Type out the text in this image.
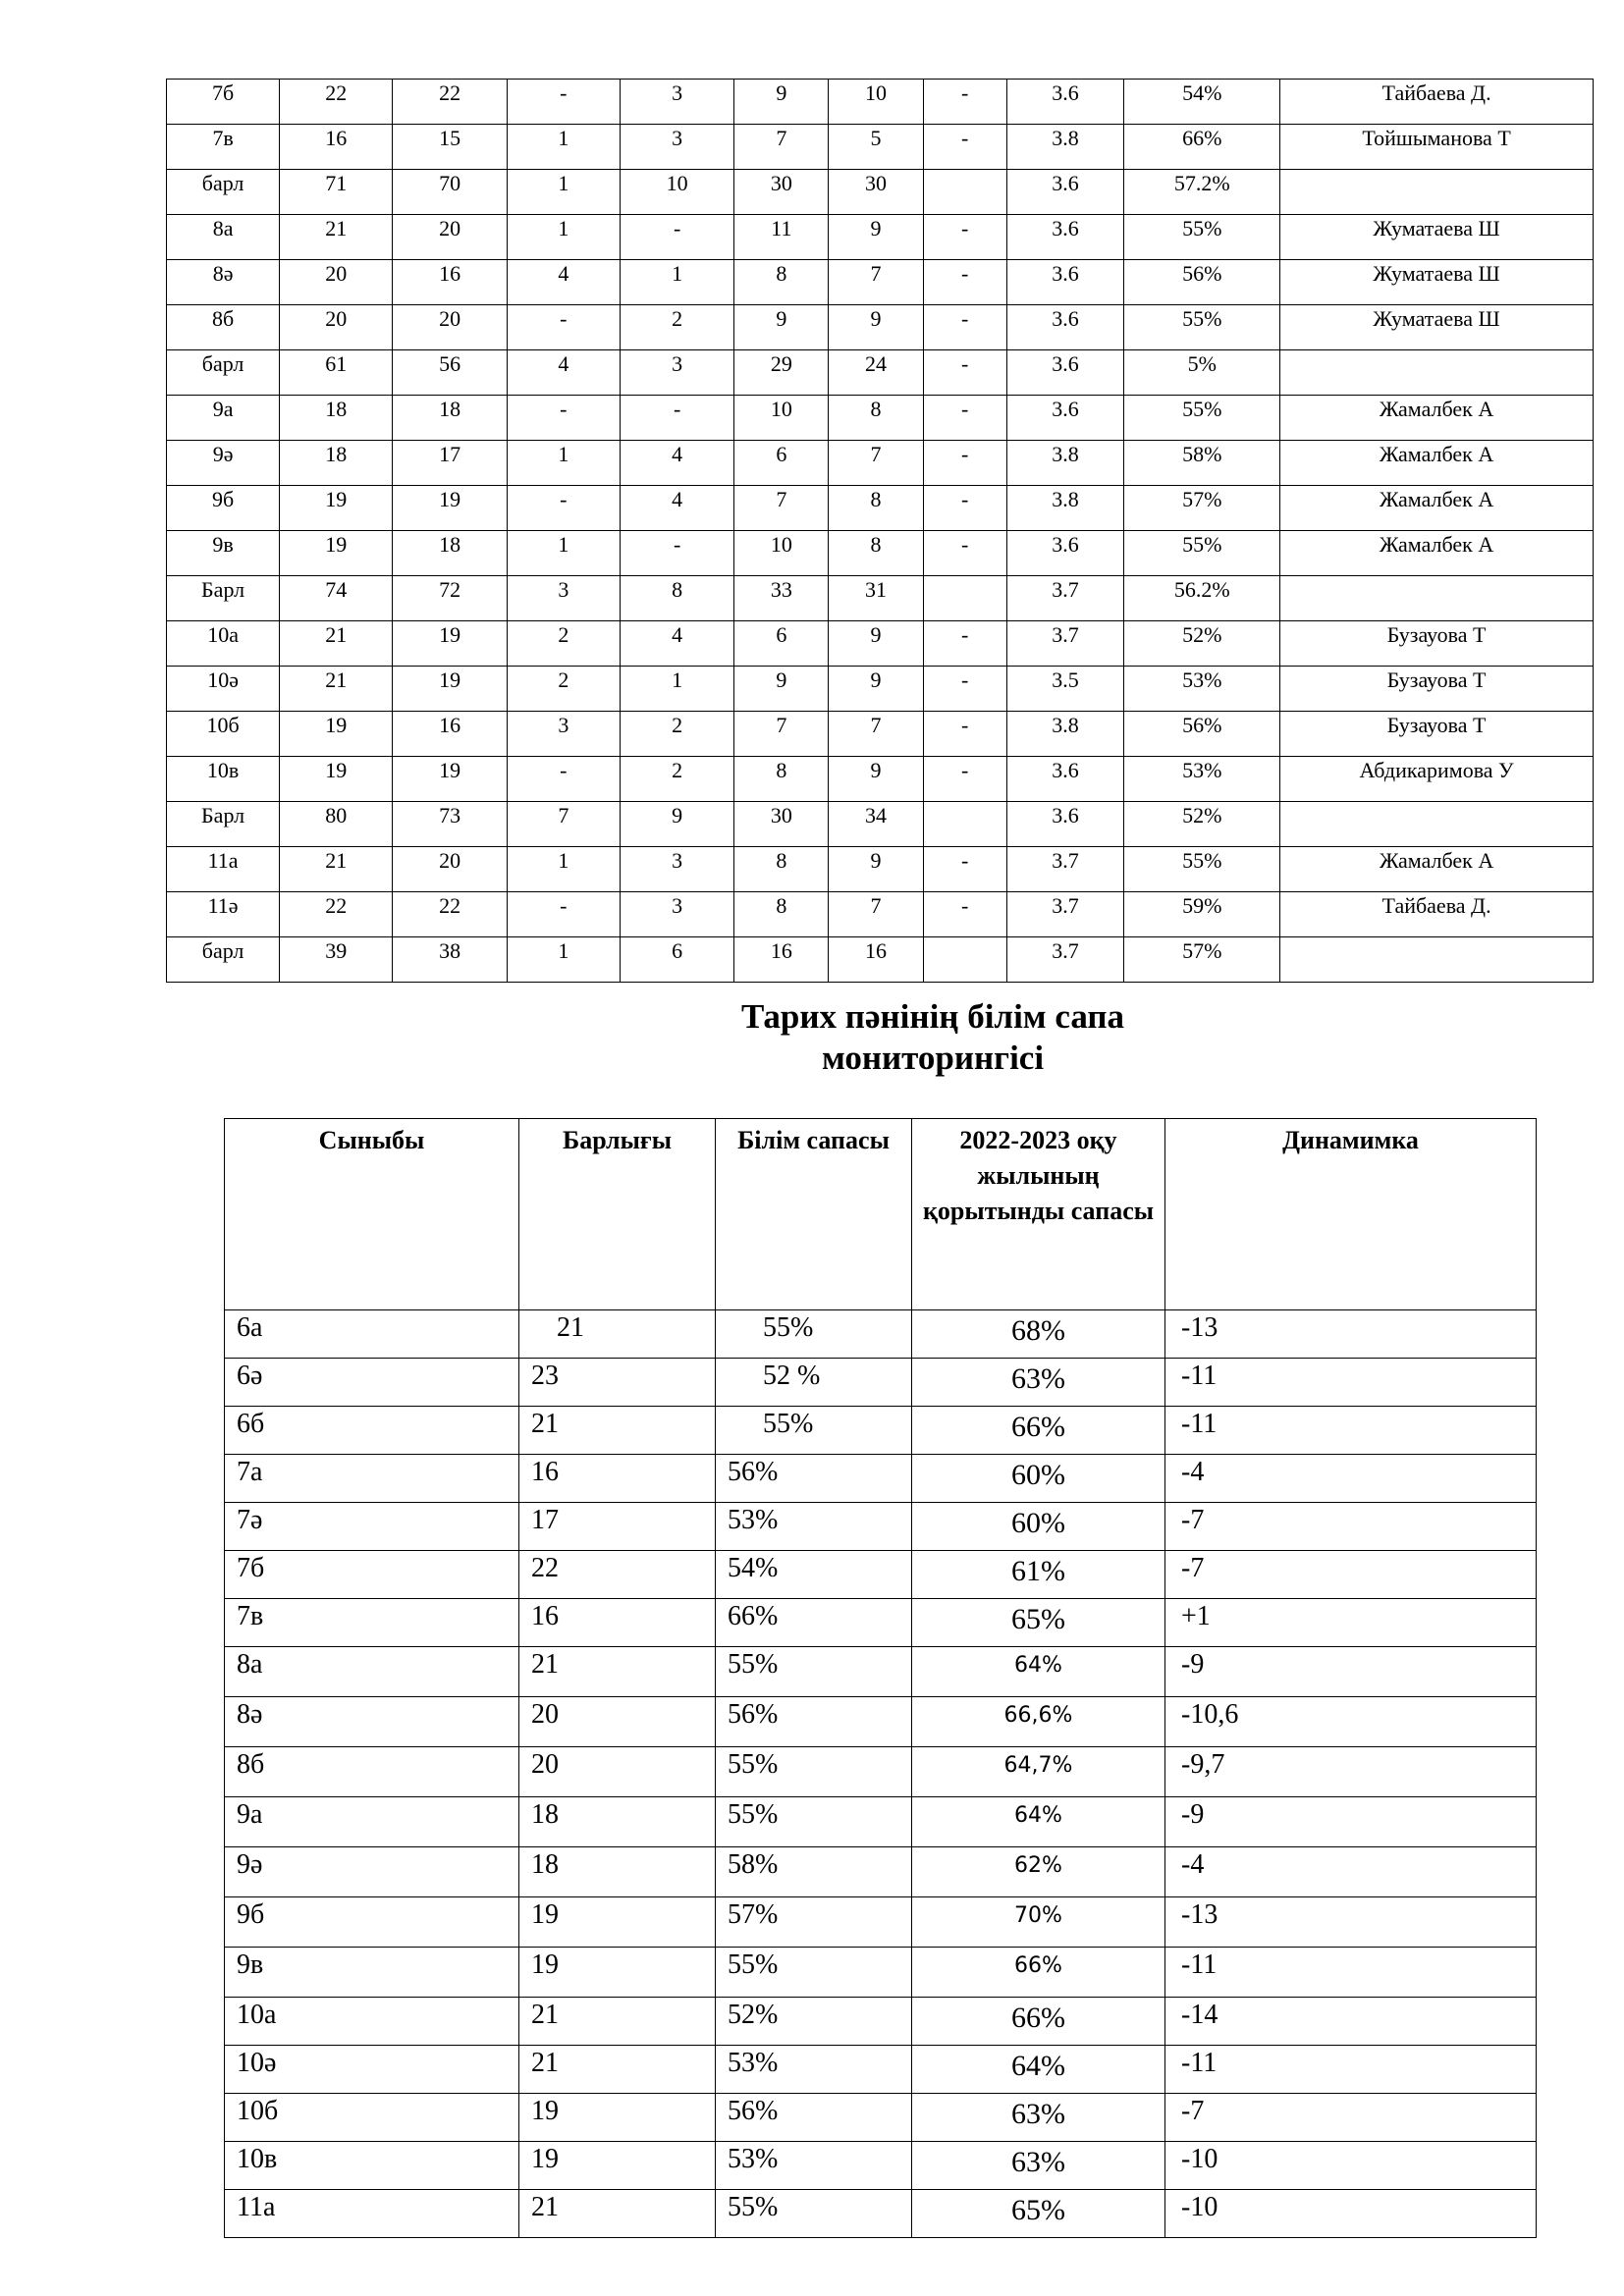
7б	22	22	-	3	9	10	-	3.6	54%	Тайбаева Д.
7в	16	15	1	3	7	5	-	3.8	66%	Тойшыманова Т
барл	71	70	1	10	30	30		3.6	57.2%	
8а	21	20	1	-	11	9	-	3.6	55%	Жуматаева Ш
8ә	20	16	4	1	8	7	-	3.6	56%	Жуматаева Ш
8б	20	20	-	2	9	9	-	3.6	55%	Жуматаева Ш
барл	61	56	4	3	29	24	-	3.6	5%	
9а	18	18	-	-	10	8	-	3.6	55%	Жамалбек А
9ә	18	17	1	4	6	7	-	3.8	58%	Жамалбек А
9б	19	19	-	4	7	8	-	3.8	57%	Жамалбек А
9в	19	18	1	-	10	8	-	3.6	55%	Жамалбек А
Барл	74	72	3	8	33	31		3.7	56.2%	
10а	21	19	2	4	6	9	-	3.7	52%	Бузауова Т
10ә	21	19	2	1	9	9	-	3.5	53%	Бузауова Т
10б	19	16	3	2	7	7	-	3.8	56%	Бузауова Т
10в	19	19	-	2	8	9	-	3.6	53%	Абдикаримова У
Барл	80	73	7	9	30	34		3.6	52%	
11а	21	20	1	3	8	9	-	3.7	55%	Жамалбек А
11ә	22	22	-	3	8	7	-	3.7	59%	Тайбаева Д.
барл	39	38	1	6	16	16		3.7	57%	
Тарих пәнінің білім сапа
мониторингісі
Сыныбы	Барлығы	Білім сапасы	2022-2023 оқу жылының қорытынды сапасы	Динамимка
6а	21	55%	68%	-13
6ә	23	52 %	63%	-11
6б	21	55%	66%	-11
7а	16	56%	60%	-4
7ә	17	53%	60%	-7
7б	22	54%	61%	-7
7в	16	66%	65%	+1
8а	21	55%	64%	-9
8ә	20	56%	66,6%	-10,6
8б	20	55%	64,7%	-9,7
9а	18	55%	64%	-9
9ә	18	58%	62%	-4
9б	19	57%	70%	-13
9в	19	55%	66%	-11
10а	21	52%	66%	-14
10ә	21	53%	64%	-11
10б	19	56%	63%	-7
10в	19	53%	63%	-10
11а	21	55%	65%	-10
